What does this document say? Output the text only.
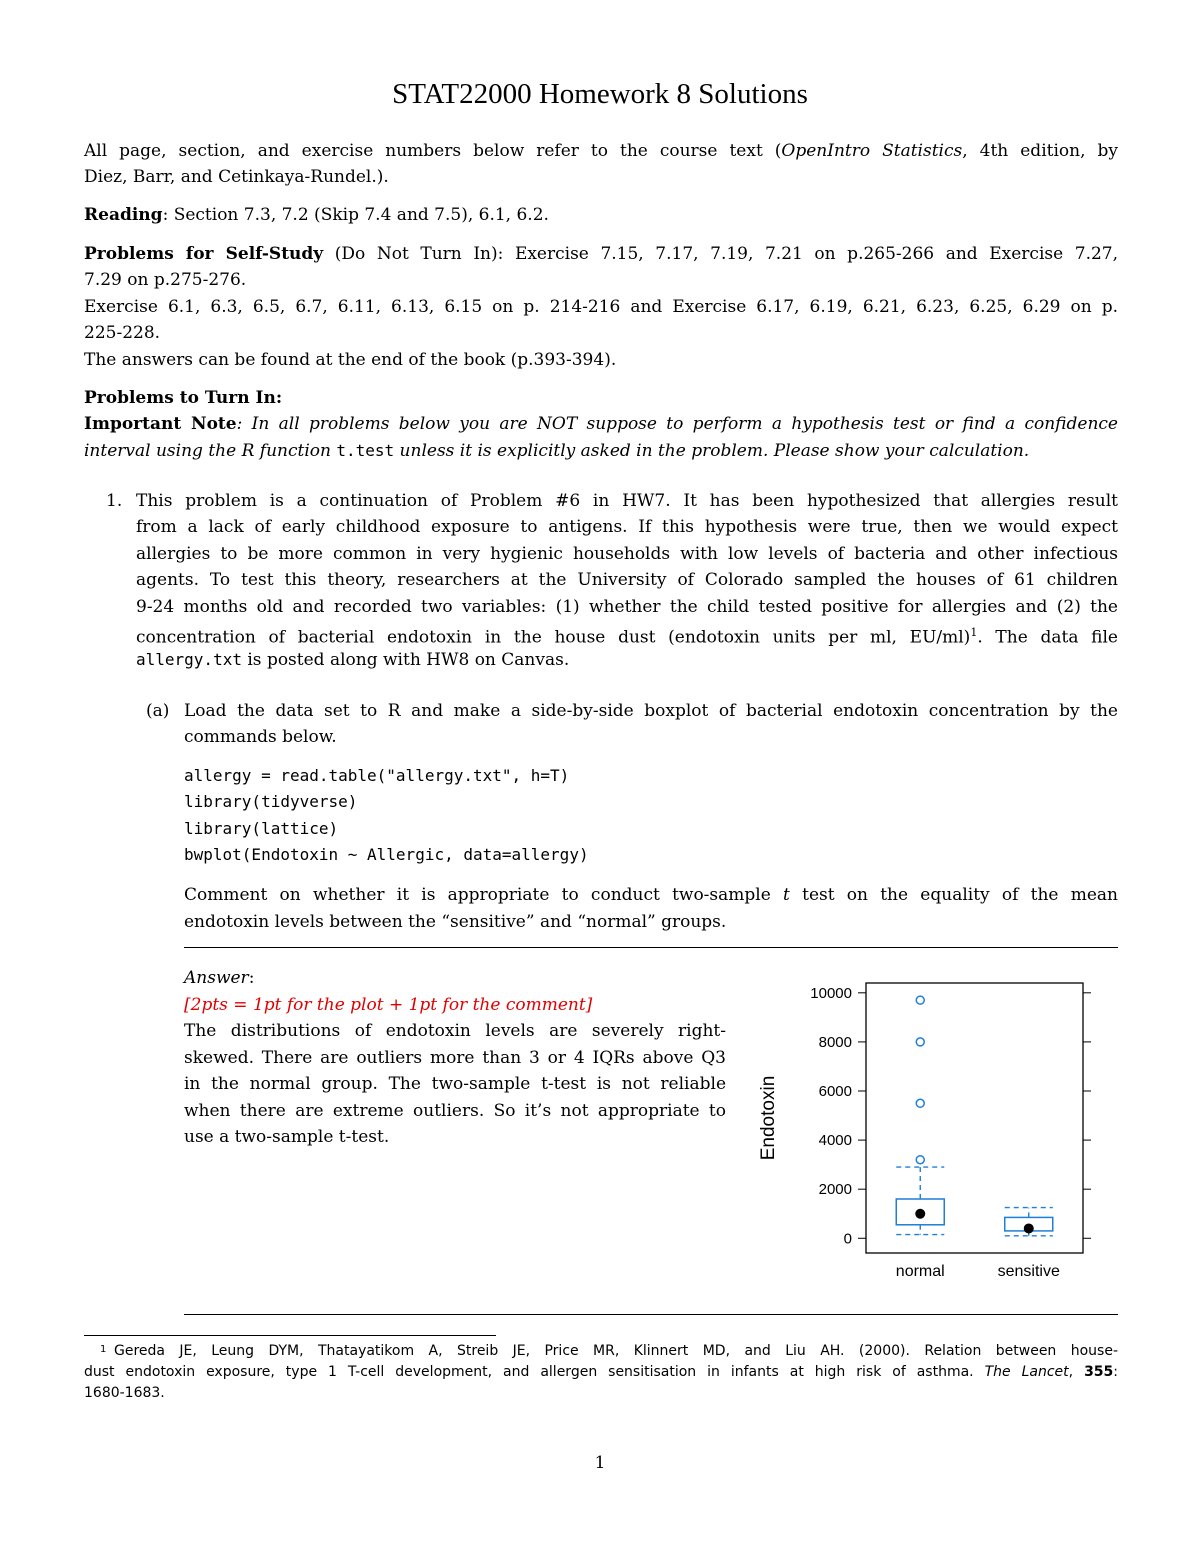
STAT22000 Homework 8 Solutions

All page, section, and exercise numbers below refer to the course text (OpenIntro Statistics, 4th edition, by

Diez, Barr, and Cetinkaya-Rundel.).

Reading: Section 7.3, 7.2 (Skip 7.4 and 7.5), 6.1, 6.2.

Problems for Self-Study (Do Not Turn In): Exercise 7.15, 7.17, 7.19, 7.21 on p.265-266 and Exercise 7.27,

7.29 on p.275-276.

Exercise 6.1, 6.3, 6.5, 6.7, 6.11, 6.13, 6.15 on p. 214-216 and Exercise 6.17, 6.19, 6.21, 6.23, 6.25, 6.29 on p.

225-228.

The answers can be found at the end of the book (p.393-394).

Problems to Turn In:

Important Note: In all problems below you are NOT suppose to perform a hypothesis test or find a confidence

interval using the R function t.test unless it is explicitly asked in the problem. Please show your calculation.

1. This problem is a continuation of Problem #6 in HW7. It has been hypothesized that allergies result

from a lack of early childhood exposure to antigens. If this hypothesis were true, then we would expect

allergies to be more common in very hygienic households with low levels of bacteria and other infectious

agents. To test this theory, researchers at the University of Colorado sampled the houses of 61 children

9-24 months old and recorded two variables: (1) whether the child tested positive for allergies and (2) the

concentration of bacterial endotoxin in the house dust (endotoxin units per ml, EU/ml)$^1$. The data file

allergy.txt is posted along with HW8 on Canvas.

(a) Load the data set to R and make a side-by-side boxplot of bacterial endotoxin concentration by the

commands below.

allergy = read.table("allergy.txt", h=T)
library(tidyverse)
library(lattice)
bwplot(Endotoxin ~ Allergic, data=allergy)

Comment on whether it is appropriate to conduct two-sample t test on the equality of the mean

endotoxin levels between the “sensitive” and “normal” groups.

Answer:
[2pts = 1pt for the plot + 1pt for the comment]
The distributions of endotoxin levels are severely right-
skewed. There are outliers more than 3 or 4 IQRs above Q3
in the normal group. The two-sample t-test is not reliable
when there are extreme outliers. So it’s not appropriate to
use a two-sample t-test.
0
2000
4000
6000
8000
10000
Endotoxin
normal	sensitive
1 Gereda JE, Leung DYM, Thatayatikom A, Streib JE, Price MR, Klinnert MD, and Liu AH. (2000). Relation between house-
dust endotoxin exposure, type 1 T-cell development, and allergen sensitisation in infants at high risk of asthma. The Lancet, 355:
1680-1683.
1
